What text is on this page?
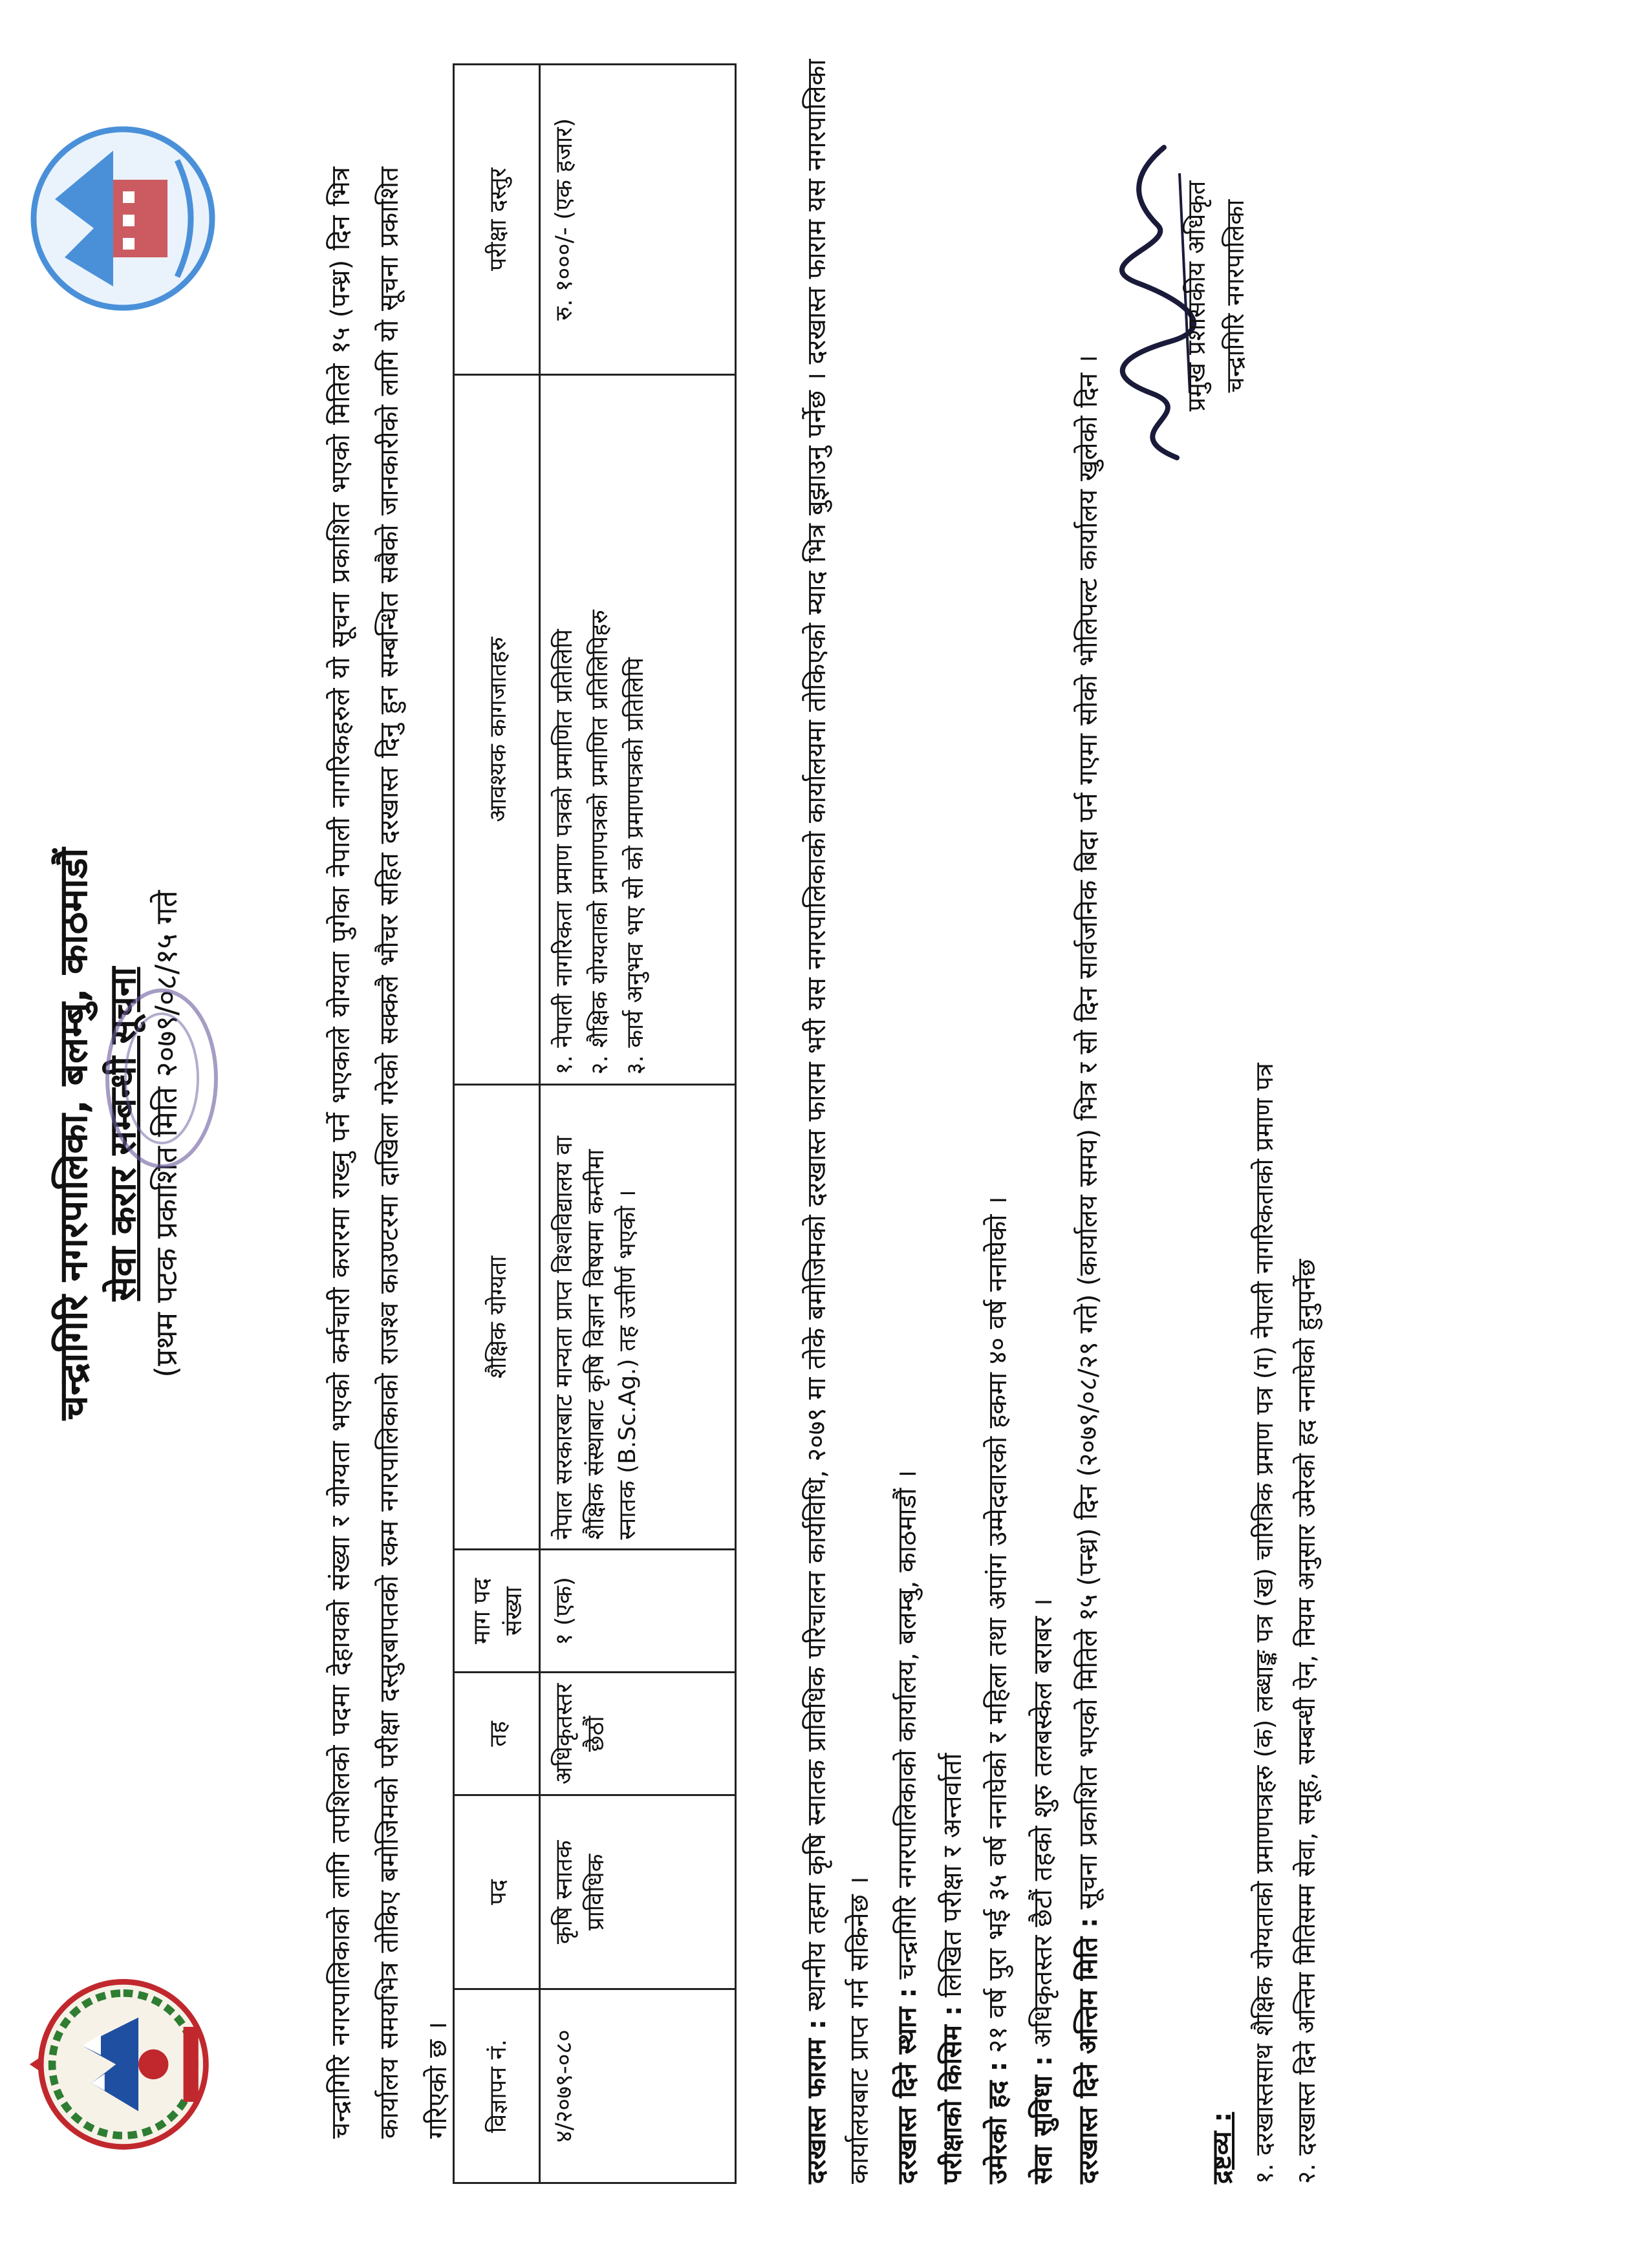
चन्द्रागिरि नगरपालिका, बलम्बु, काठमाडौं सेवा करार सम्बन्धी सूचना (प्रथम पटक प्रकाशित मिति २०७९/०८/१५ गते	चन्द्रागिरि नगरपालिकाको लागि तपशिलको पदमा देहायको संख्या र योग्यता भएको कर्मचारी करारमा राख्नु पर्ने भएकाले योग्यता पुगेका नेपाली नागरिकहरुले यो सूचना प्रकाशित भएको मितिले १५ (पन्ध्र) दिन भित्र कार्यालय समयभित्र तोकिए बमोजिमको परीक्षा दस्तुरबापतको रकम नगरपालिकाको राजश्व काउण्टरमा दाखिला गरेको सक्कलै भौचर सहित दरखास्त दिनु हुन सम्बन्धित सबैको जानकारीको लागि यो सूचना प्रकाशित गरिएको छ ।	विज्ञापन नं.	पद	तह	माग पद संख्या	शैक्षिक योग्यता	आवश्यक कागजातहरु	परीक्षा दस्तुर
४/२०७९-०८०	कृषि स्नातक प्राविधिक	अधिकृतस्तर छैठौं	१ (एक)	नेपाल सरकारबाट मान्यता प्राप्त विश्वविद्यालय वा शैक्षिक संस्थाबाट कृषि विज्ञान विषयमा कम्तीमा स्नातक (B.Sc.Ag.) तह उत्तीर्ण भएको ।	१. नेपाली नागरिकता प्रमाण पत्रको प्रमाणित प्रतिलिपि २. शैक्षिक योग्यताको प्रमाणपत्रको प्रमाणित प्रतिलिपिहरु ३. कार्य अनुभव भए सो को प्रमाणपत्रको प्रतिलिपि	रु. १०००/- (एक हजार)
दरखास्त फाराम : स्थानीय तहमा कृषि स्नातक प्राविधिक परिचालन कार्यविधि, २०७९ मा तोके बमोजिमको दरखास्त फाराम भरी यस नगरपालिकाको कार्यालयमा तोकिएको म्याद भित्र बुझाउनु पर्नेछ । दरखास्त फाराम यस नगरपालिका कार्यालयबाट प्राप्त गर्न सकिनेछ । दरखास्त दिने स्थान : चन्द्रागिरि नगरपालिकाको कार्यालय, बलम्बु, काठमाडौं ।
परीक्षाको किसिम : लिखित परीक्षा र अन्तर्वार्ता
उमेरको हद : २१ वर्ष पुरा भई ३५ वर्ष ननाघेको र महिला तथा अपांग उम्मेदवारको हकमा ४० वर्ष ननाघेको ।
सेवा सुविधा : अधिकृतस्तर छैटौं तहको शुरु तलबस्केल बराबर ।
दरखास्त दिने अन्तिम मिति : सूचना प्रकाशित भएको मितिले १५ (पन्ध्र) दिन (२०७९/०८/२९ गते) (कार्यालय समय) भित्र र सो दिन सार्वजनिक बिदा पर्न गएमा सोको भोलिपल्ट कार्यालय खुलेको दिन ।
द्रष्टव्य : १. दरखास्तसाथ शैक्षिक योग्यताको प्रमाणपत्रहरु (क) लब्धाङ्क पत्र (ख) चारित्रिक प्रमाण पत्र (ग) नेपाली नागरिकताको प्रमाण पत्र २. दरखास्त दिने अन्तिम मितिसम्म सेवा, समूह, सम्बन्धी ऐन, नियम अनुसार उमेरको हद ननाघेको हुनुपर्नेछ
प्रमुख प्रशासकीय अधिकृत चन्द्रागिरि नगरपालिका
